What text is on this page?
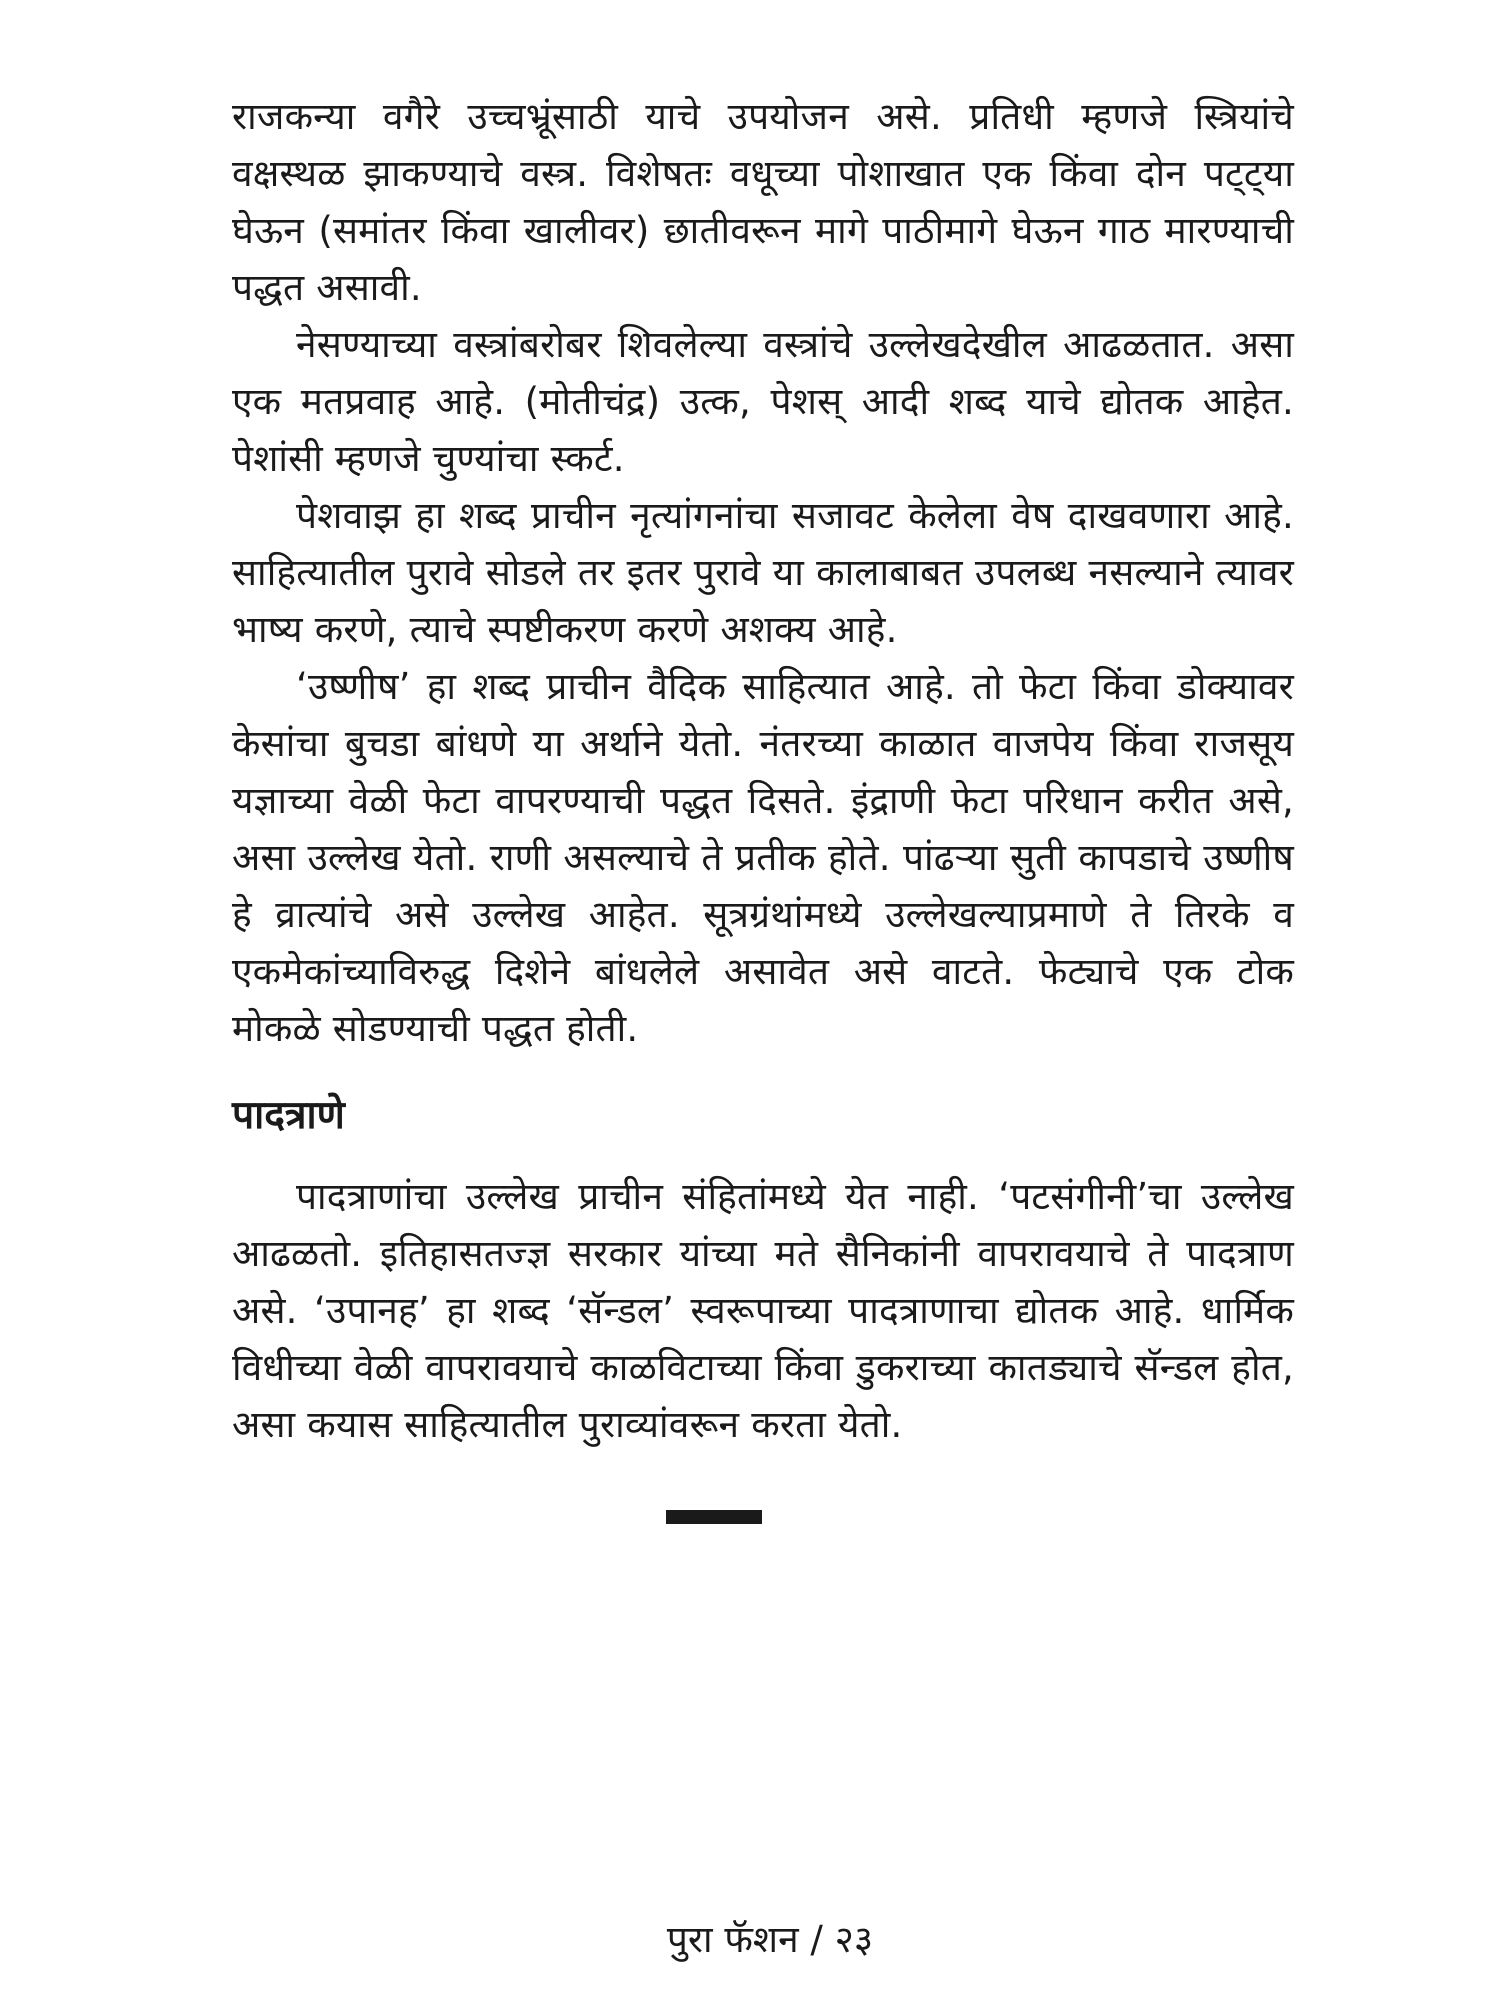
राजकन्या वगैरे उच्चभ्रूंसाठी याचे उपयोजन असे. प्रतिधी म्हणजे स्त्रियांचे वक्षस्थळ झाकण्याचे वस्त्र. विशेषतः वधूच्या पोशाखात एक किंवा दोन पट्ट्या घेऊन (समांतर किंवा खालीवर) छातीवरून मागे पाठीमागे घेऊन गाठ मारण्याची पद्धत असावी.

नेसण्याच्या वस्त्रांबरोबर शिवलेल्या वस्त्रांचे उल्लेखदेखील आढळतात. असा एक मतप्रवाह आहे. (मोतीचंद्र) उत्क, पेशस् आदी शब्द याचे द्योतक आहेत. पेशांसी म्हणजे चुण्यांचा स्कर्ट.

पेशवाझ हा शब्द प्राचीन नृत्यांगनांचा सजावट केलेला वेष दाखवणारा आहे. साहित्यातील पुरावे सोडले तर इतर पुरावे या कालाबाबत उपलब्ध नसल्याने त्यावर भाष्य करणे, त्याचे स्पष्टीकरण करणे अशक्य आहे.

‘उष्णीष’ हा शब्द प्राचीन वैदिक साहित्यात आहे. तो फेटा किंवा डोक्यावर केसांचा बुचडा बांधणे या अर्थाने येतो. नंतरच्या काळात वाजपेय किंवा राजसूय यज्ञाच्या वेळी फेटा वापरण्याची पद्धत दिसते. इंद्राणी फेटा परिधान करीत असे, असा उल्लेख येतो. राणी असल्याचे ते प्रतीक होते. पांढऱ्या सुती कापडाचे उष्णीष हे व्रात्यांचे असे उल्लेख आहेत. सूत्रग्रंथांमध्ये उल्लेखल्याप्रमाणे ते तिरके व एकमेकांच्याविरुद्ध दिशेने बांधलेले असावेत असे वाटते. फेट्याचे एक टोक मोकळे सोडण्याची पद्धत होती.

पादत्राणे

पादत्राणांचा उल्लेख प्राचीन संहितांमध्ये येत नाही. ‘पटसंगीनी’चा उल्लेख आढळतो. इतिहासतज्ज्ञ सरकार यांच्या मते सैनिकांनी वापरावयाचे ते पादत्राण असे. ‘उपानह’ हा शब्द ‘सॅन्डल’ स्वरूपाच्या पादत्राणाचा द्योतक आहे. धार्मिक विधीच्या वेळी वापरावयाचे काळविटाच्या किंवा डुकराच्या कातड्याचे सॅन्डल होत, असा कयास साहित्यातील पुराव्यांवरून करता येतो.

पुरा फॅशन / २३
